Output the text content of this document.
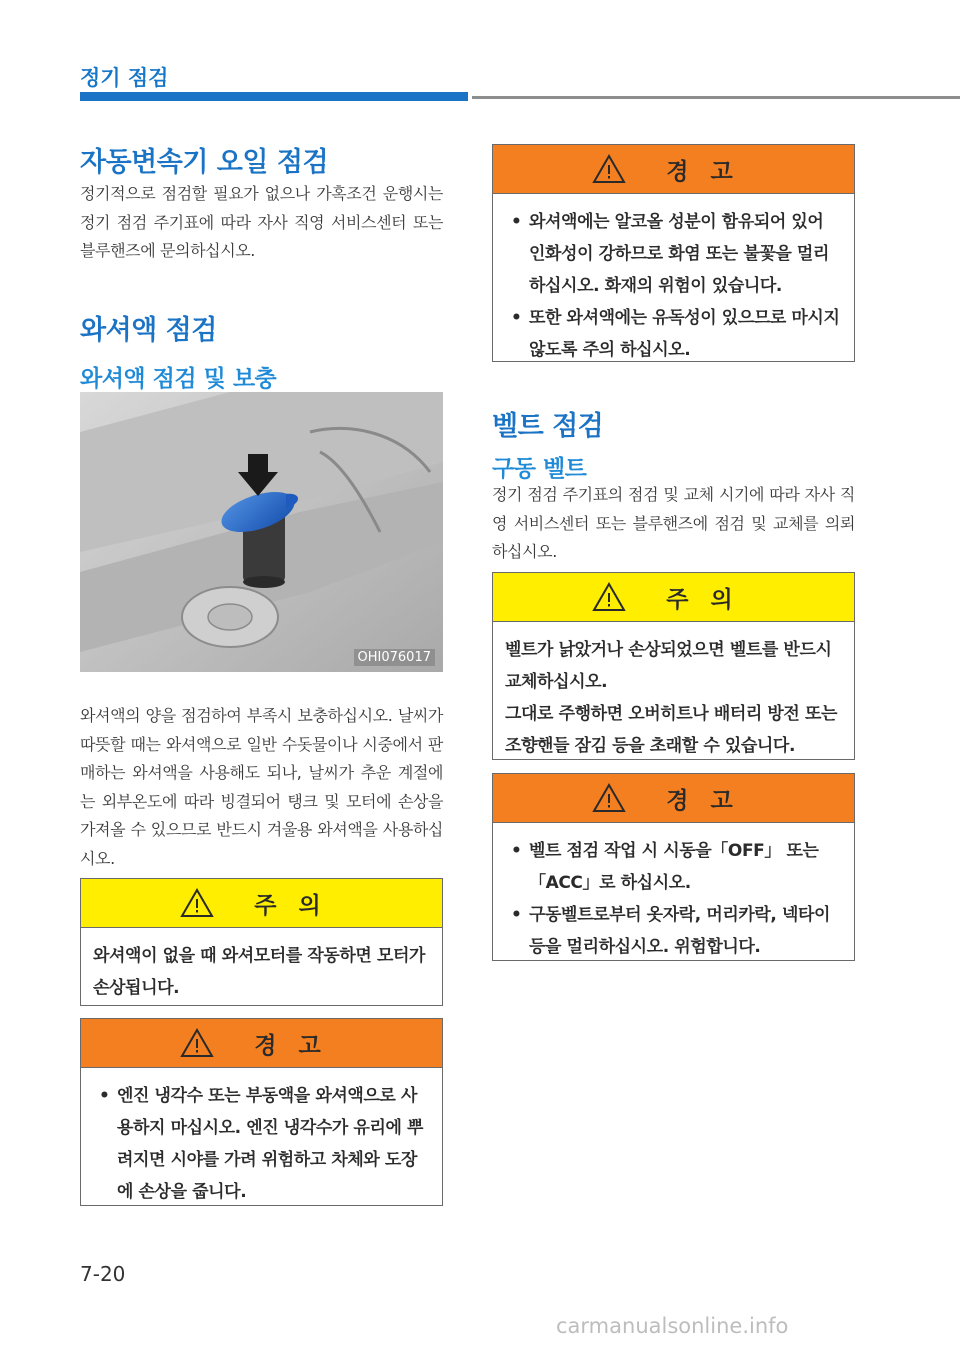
정기 점검
자동변속기 오일 점검
정기적으로 점검할 필요가 없으나 가혹조건 운행시는 정기 점검 주기표에 따라 자사 직영 서비스센터 또는 블루핸즈에 문의하십시오.
와셔액 점검
와셔액 점검 및 보충
OHI076017
와셔액의 양을 점검하여 부족시 보충하십시오. 날씨가 따뜻할 때는 와셔액으로 일반 수돗물이나 시중에서 판매하는 와셔액을 사용해도 되나, 날씨가 추운 계절에는 외부온도에 따라 빙결되어 탱크 및 모터에 손상을 가져올 수 있으므로 반드시 겨울용 와셔액을 사용하십시오.
주의
와셔액이 없을 때 와셔모터를 작동하면 모터가 손상됩니다.
경고
• 엔진 냉각수 또는 부동액을 와셔액으로 사용하지 마십시오. 엔진 냉각수가 유리에 뿌려지면 시야를 가려 위험하고 차체와 도장에 손상을 줍니다.
경고
• 와셔액에는 알코올 성분이 함유되어 있어 인화성이 강하므로 화염 또는 불꽃을 멀리하십시오. 화재의 위험이 있습니다.
• 또한 와셔액에는 유독성이 있으므로 마시지 않도록 주의 하십시오.
벨트 점검
구동 벨트
정기 점검 주기표의 점검 및 교체 시기에 따라 자사 직영 서비스센터 또는 블루핸즈에 점검 및 교체를 의뢰하십시오.
주의
벨트가 낡았거나 손상되었으면 벨트를 반드시 교체하십시오.
그대로 주행하면 오버히트나 배터리 방전 또는 조향핸들 잠김 등을 초래할 수 있습니다.
경고
• 벨트 점검 작업 시 시동을「OFF」 또는 「ACC」로 하십시오.
• 구동벨트로부터 옷자락, 머리카락, 넥타이 등을 멀리하십시오. 위험합니다.
7-20
carmanualsonline.info
